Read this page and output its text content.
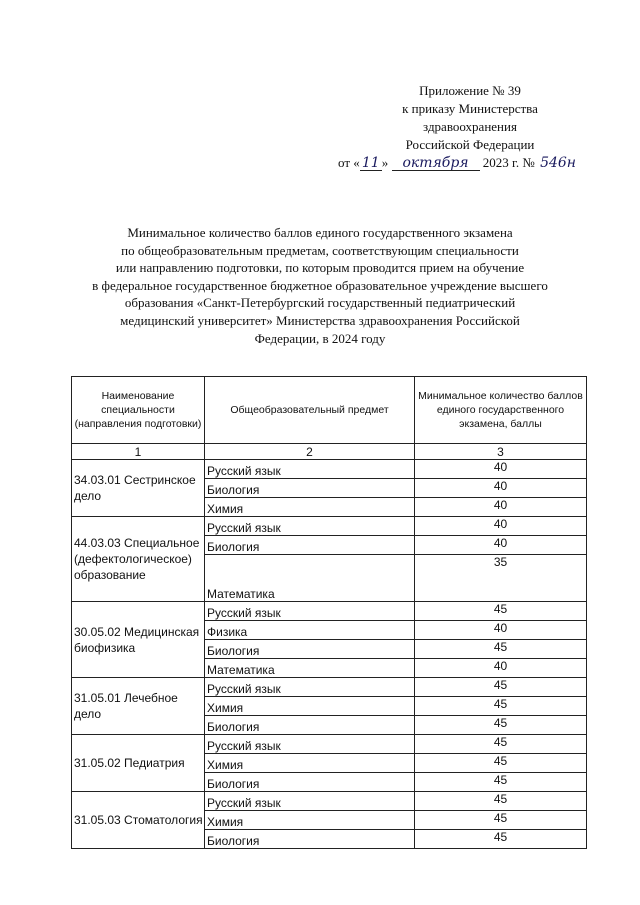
Приложение № 39
к приказу Министерства
здравоохранения
Российской Федерации
от « 11 » октября 2023 г. № 546н
Минимальное количество баллов единого государственного экзамена
по общеобразовательным предметам, соответствующим специальности
или направлению подготовки, по которым проводится прием на обучение
в федеральное государственное бюджетное образовательное учреждение высшего
образования «Санкт-Петербургский государственный педиатрический
медицинский университет» Министерства здравоохранения Российской
Федерации, в 2024 году
Наименование специальности (направления подготовки)	Общеобразовательный предмет	Минимальное количество баллов единого государственного экзамена, баллы
1	2	3
34.03.01 Сестринское дело	Русский язык	40
	Биология	40
	Химия	40
44.03.03 Специальное (дефектологическое) образование	Русский язык	40
	Биология	40
	Математика	35
30.05.02 Медицинская биофизика	Русский язык	45
	Физика	40
	Биология	45
	Математика	40
31.05.01 Лечебное дело	Русский язык	45
	Химия	45
	Биология	45
31.05.02 Педиатрия	Русский язык	45
	Химия	45
	Биология	45
31.05.03 Стоматология	Русский язык	45
	Химия	45
	Биология	45
